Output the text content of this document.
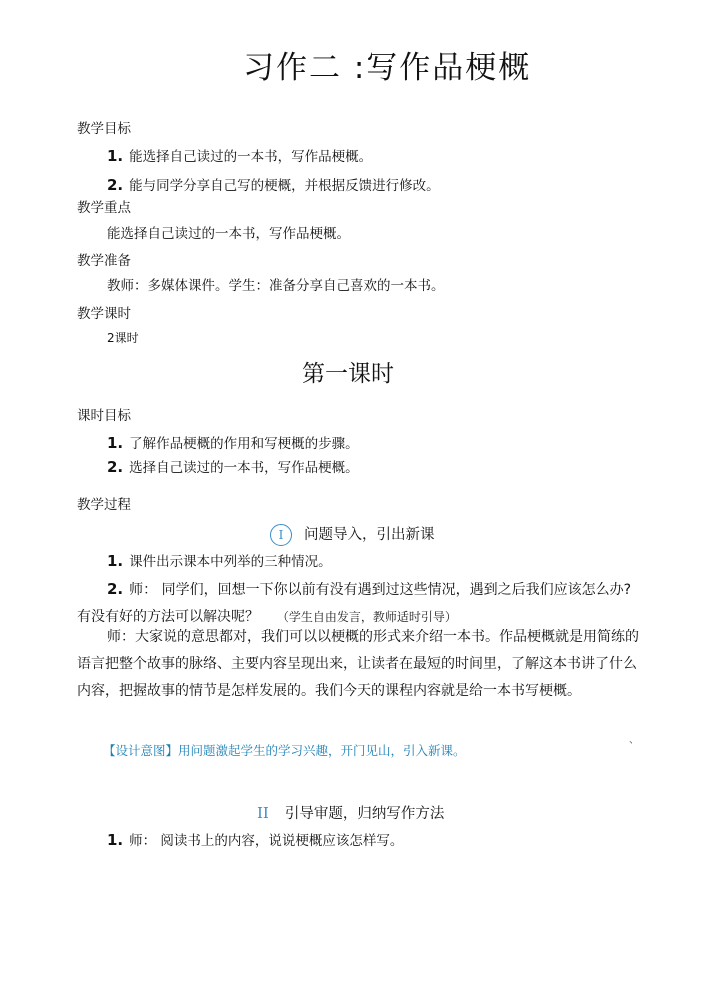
习作二 :写作品梗概
教学目标
1. 能选择自己读过的一本书，写作品梗概。
2. 能与同学分享自己写的梗概，并根据反馈进行修改。
教学重点
能选择自己读过的一本书，写作品梗概。
教学准备
教师：多媒体课件。学生：准备分享自己喜欢的一本书。
教学课时
2课时
第一课时
课时目标
1. 了解作品梗概的作用和写梗概的步骤。
2. 选择自己读过的一本书，写作品梗概。
教学过程
I 问题导入，引出新课
1. 课件出示课本中列举的三种情况。
2. 师： 同学们，回想一下你以前有没有遇到过这些情况，遇到之后我们应该怎么办?有没有好的方法可以解决呢？ （学生自由发言，教师适时引导）
师：大家说的意思都对，我们可以以梗概的形式来介绍一本书。作品梗概就是用简练的语言把整个故事的脉络、主要内容呈现出来，让读者在最短的时间里，了解这本书讲了什么内容，把握故事的情节是怎样发展的。我们今天的课程内容就是给一本书写梗概。
、
【设计意图】用问题激起学生的学习兴趣，开门见山，引入新课。
II 引导审题，归纳写作方法
1. 师： 阅读书上的内容，说说梗概应该怎样写。
